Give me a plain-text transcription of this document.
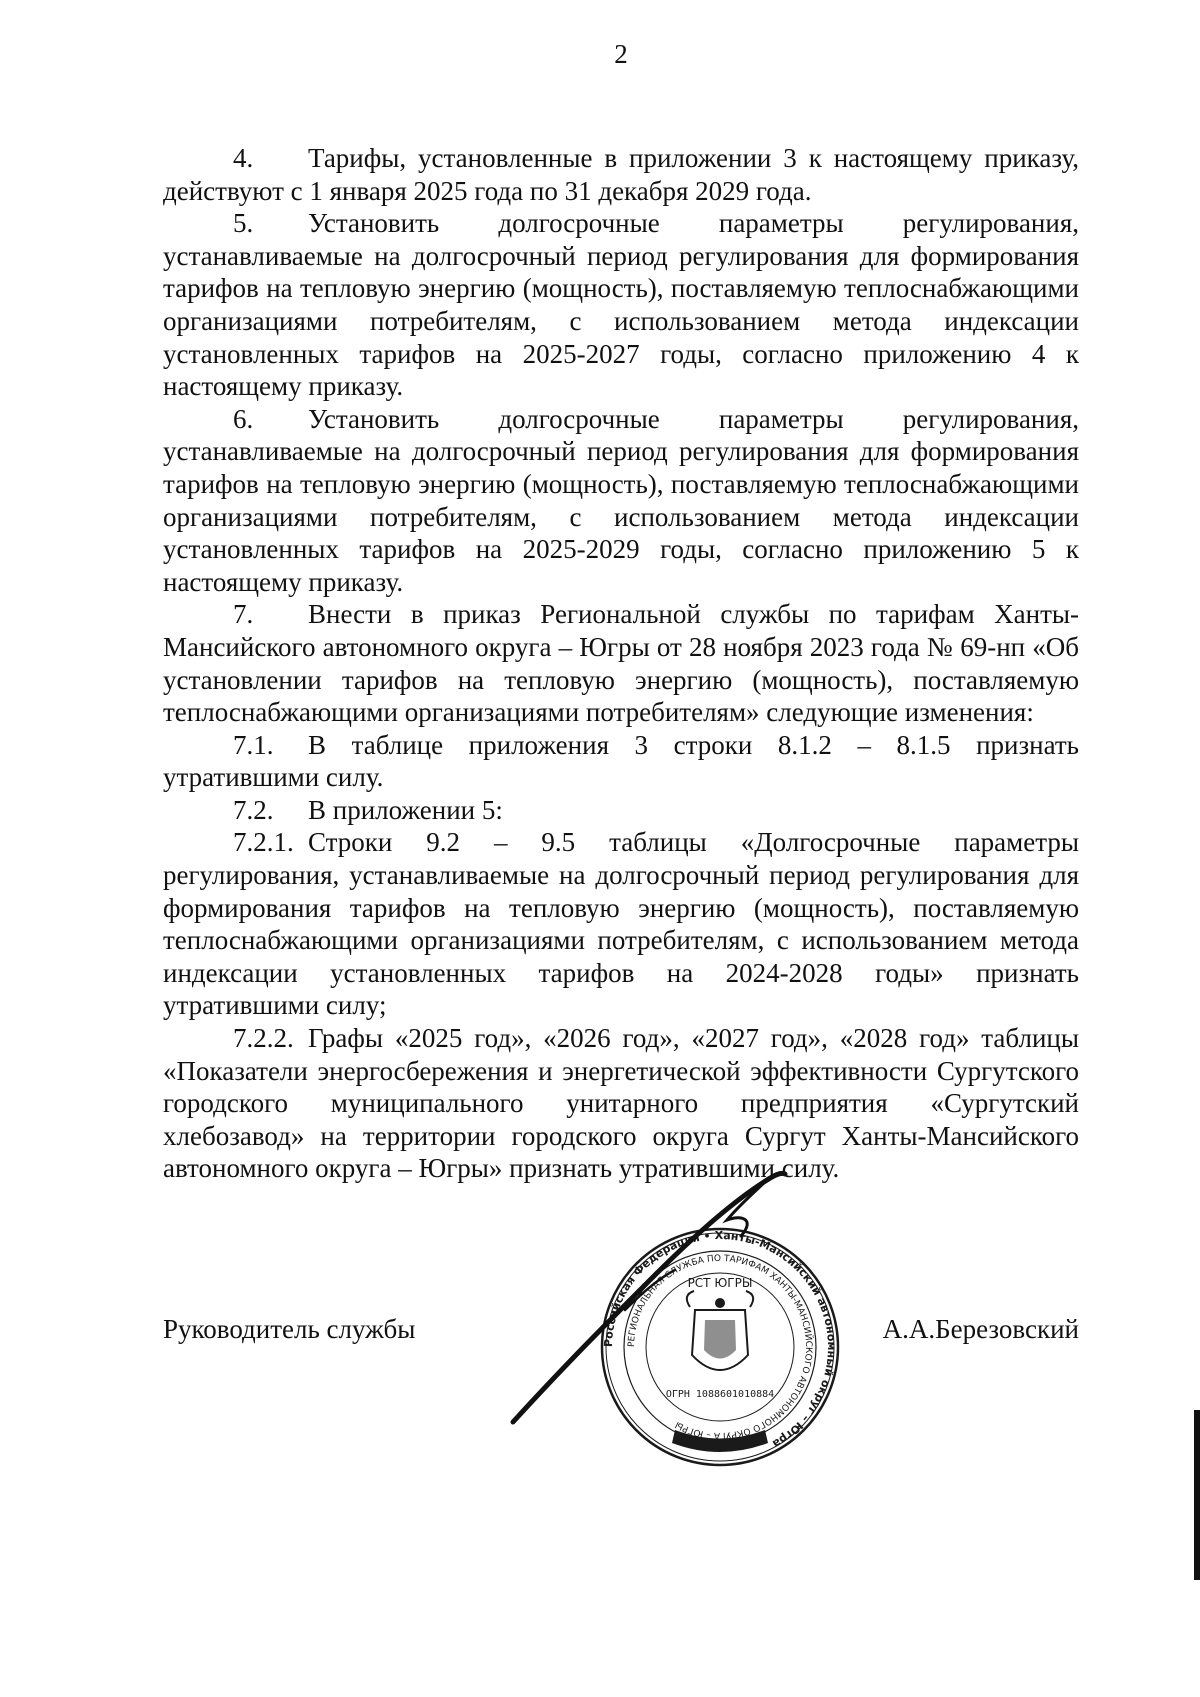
2

4. Тарифы, установленные в приложении 3 к настоящему приказу, действуют с 1 января 2025 года по 31 декабря 2029 года.

5. Установить долгосрочные параметры регулирования, устанавливаемые на долгосрочный период регулирования для формирования тарифов на тепловую энергию (мощность), поставляемую теплоснабжающими организациями потребителям, с использованием метода индексации установленных тарифов на 2025-2027 годы, согласно приложению 4 к настоящему приказу.

6. Установить долгосрочные параметры регулирования, устанавливаемые на долгосрочный период регулирования для формирования тарифов на тепловую энергию (мощность), поставляемую теплоснабжающими организациями потребителям, с использованием метода индексации установленных тарифов на 2025-2029 годы, согласно приложению 5 к настоящему приказу.

7. Внести в приказ Региональной службы по тарифам Ханты-Мансийского автономного округа – Югры от 28 ноября 2023 года № 69-нп «Об установлении тарифов на тепловую энергию (мощность), поставляемую теплоснабжающими организациями потребителям» следующие изменения:

7.1. В таблице приложения 3 строки 8.1.2 – 8.1.5 признать утратившими силу.

7.2. В приложении 5:

7.2.1. Строки 9.2 – 9.5 таблицы «Долгосрочные параметры регулирования, устанавливаемые на долгосрочный период регулирования для формирования тарифов на тепловую энергию (мощность), поставляемую теплоснабжающими организациями потребителям, с использованием метода индексации установленных тарифов на 2024-2028 годы» признать утратившими силу;

7.2.2. Графы «2025 год», «2026 год», «2027 год», «2028 год» таблицы «Показатели энергосбережения и энергетической эффективности Сургутского городского муниципального унитарного предприятия «Сургутский хлебозавод» на территории городского округа Сургут Ханты-Мансийского автономного округа – Югры» признать утратившими силу.

Руководитель службы	А.А.Березовский
Российская Федерация • Ханты-Мансийский автономный округ – Югра
РЕГИОНАЛЬНАЯ СЛУЖБА ПО ТАРИФАМ ХАНТЫ-МАНСИЙСКОГО АВТОНОМНОГО ОКРУГА – ЮГРЫ
РСТ ЮГРЫ
ОГРН 1088601010884
